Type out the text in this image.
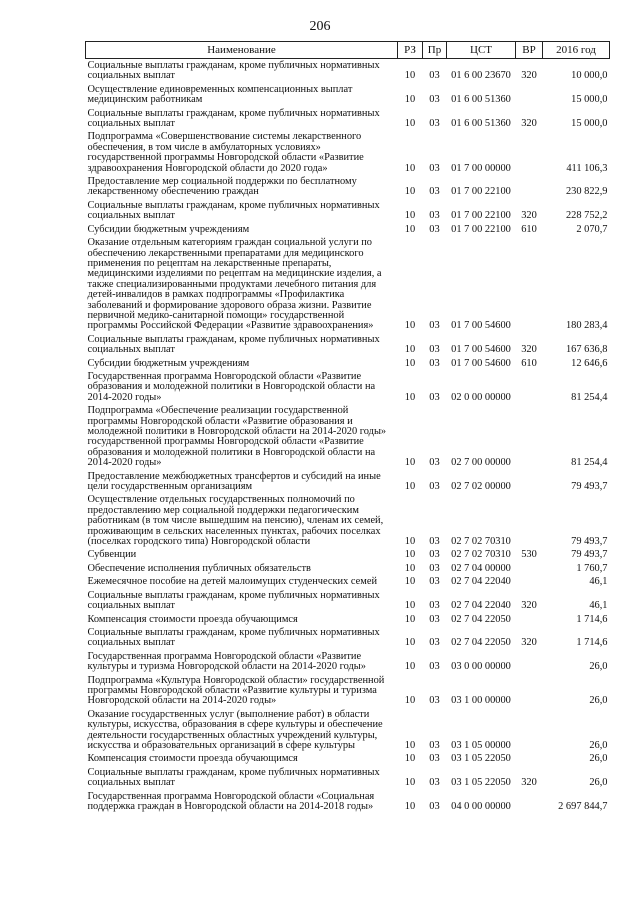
206
Наименование	РЗ	Пр	ЦСТ	ВР	2016 год
Социальные выплаты гражданам, кроме публичных нормативных социальных выплат	10	03	01 6 00 23670	320	10 000,0
Осуществление единовременных компенсационных выплат медицинским работникам	10	03	01 6 00 51360		15 000,0
Социальные выплаты гражданам, кроме публичных нормативных социальных выплат	10	03	01 6 00 51360	320	15 000,0
Подпрограмма «Совершенствование системы лекарственного обеспечения, в том числе в амбулаторных условиях» государственной программы Новгородской области «Развитие здравоохранения Новгородской области до 2020 года»	10	03	01 7 00 00000		411 106,3
Предоставление мер социальной поддержки по бесплатному лекарственному обеспечению граждан	10	03	01 7 00 22100		230 822,9
Социальные выплаты гражданам, кроме публичных нормативных социальных выплат	10	03	01 7 00 22100	320	228 752,2
Субсидии бюджетным учреждениям	10	03	01 7 00 22100	610	2 070,7
Оказание отдельным категориям граждан социальной услуги по обеспечению лекарственными препаратами для медицинского применения по рецептам на лекарственные препараты, медицинскими изделиями по рецептам на медицинские изделия, а также специализированными продуктами лечебного питания для детей-инвалидов в рамках подпрограммы «Профилактика заболеваний и формирование здорового образа жизни. Развитие первичной медико-санитарной помощи» государственной программы Российской Федерации «Развитие здравоохранения»	10	03	01 7 00 54600		180 283,4
Социальные выплаты гражданам, кроме публичных нормативных социальных выплат	10	03	01 7 00 54600	320	167 636,8
Субсидии бюджетным учреждениям	10	03	01 7 00 54600	610	12 646,6
Государственная программа Новгородской области «Развитие образования и молодежной политики в Новгородской области на 2014-2020 годы»	10	03	02 0 00 00000		81 254,4
Подпрограмма «Обеспечение реализации государственной программы Новгородской области «Развитие образования и молодежной политики в Новгородской области на 2014-2020 годы» государственной программы Новгородской области «Развитие образования и молодежной политики в Новгородской области на 2014-2020 годы»	10	03	02 7 00 00000		81 254,4
Предоставление межбюджетных трансфертов и субсидий на иные цели государственным организациям	10	03	02 7 02 00000		79 493,7
Осуществление отдельных государственных полномочий по предоставлению мер социальной поддержки педагогическим работникам (в том числе вышедшим на пенсию), членам их семей, проживающим в сельских населенных пунктах, рабочих поселках (поселках городского типа) Новгородской области	10	03	02 7 02 70310		79 493,7
Субвенции	10	03	02 7 02 70310	530	79 493,7
Обеспечение исполнения публичных обязательств	10	03	02 7 04 00000		1 760,7
Ежемесячное пособие на детей малоимущих студенческих семей	10	03	02 7 04 22040		46,1
Социальные выплаты гражданам, кроме публичных нормативных социальных выплат	10	03	02 7 04 22040	320	46,1
Компенсация стоимости проезда обучающимся	10	03	02 7 04 22050		1 714,6
Социальные выплаты гражданам, кроме публичных нормативных социальных выплат	10	03	02 7 04 22050	320	1 714,6
Государственная программа Новгородской области «Развитие культуры и туризма Новгородской области на 2014-2020 годы»	10	03	03 0 00 00000		26,0
Подпрограмма «Культура Новгородской области» государственной программы Новгородской области «Развитие культуры и туризма Новгородской области на 2014-2020 годы»	10	03	03 1 00 00000		26,0
Оказание государственных услуг (выполнение работ) в области культуры, искусства, образования в сфере культуры и обеспечение деятельности государственных областных учреждений культуры, искусства и образовательных организаций в сфере культуры	10	03	03 1 05 00000		26,0
Компенсация стоимости проезда обучающимся	10	03	03 1 05 22050		26,0
Социальные выплаты гражданам, кроме публичных нормативных социальных выплат	10	03	03 1 05 22050	320	26,0
Государственная программа Новгородской области «Социальная поддержка граждан в Новгородской области на 2014-2018 годы»	10	03	04 0 00 00000		2 697 844,7
